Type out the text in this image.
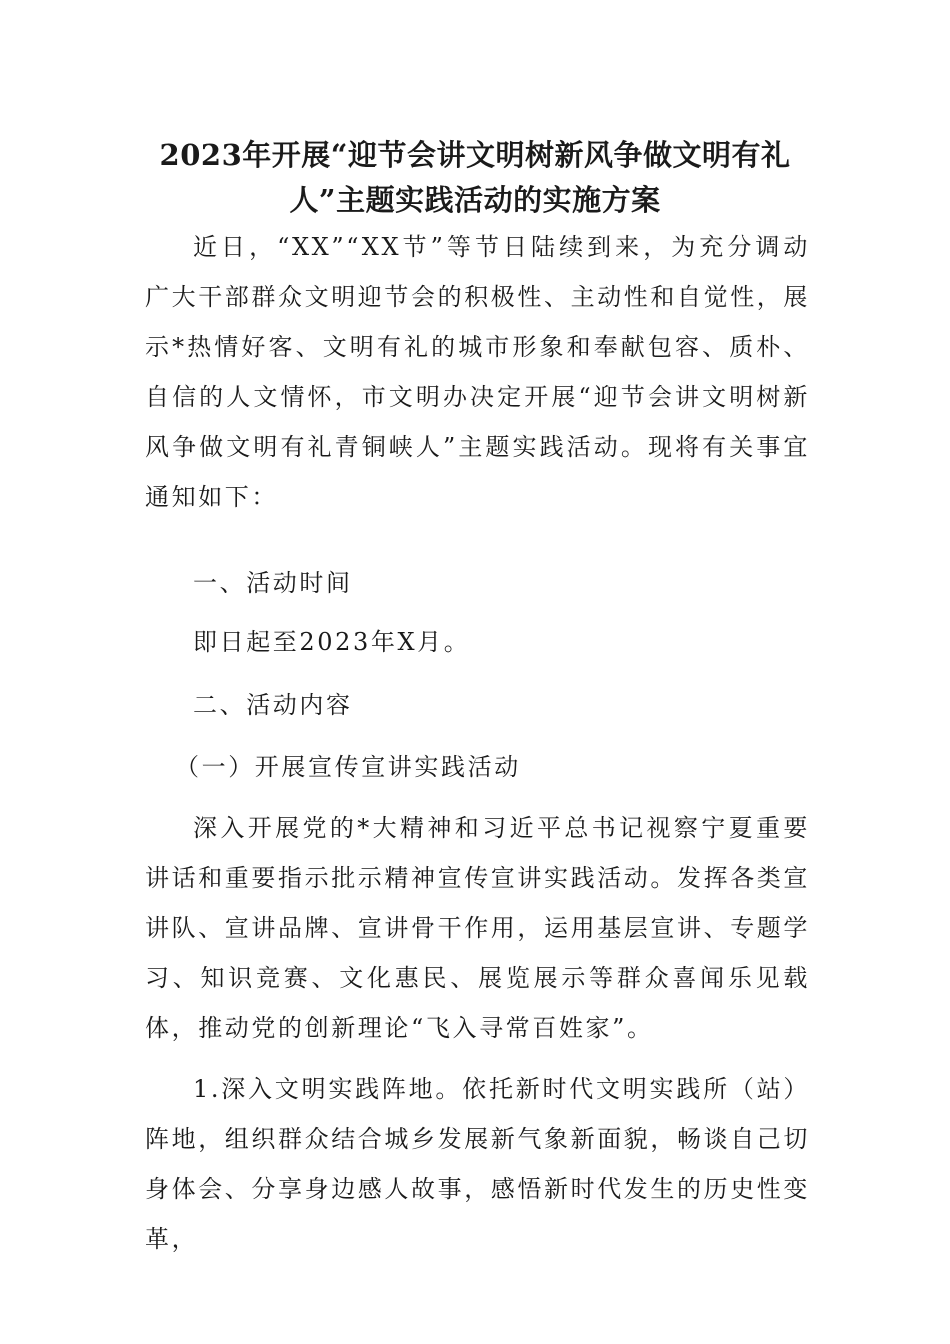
2023年开展“迎节会讲文明树新风争做文明有礼
人”主题实践活动的实施方案

近日，“XX”“XX节”等节日陆续到来，为充分调动广大干部群众文明迎节会的积极性、主动性和自觉性，展示*热情好客、文明有礼的城市形象和奉献包容、质朴、自信的人文情怀，市文明办决定开展“迎节会讲文明树新风争做文明有礼青铜峡人”主题实践活动。现将有关事宜通知如下：

一、活动时间

即日起至2023年X月。

二、活动内容

（一）开展宣传宣讲实践活动

深入开展党的*大精神和习近平总书记视察宁夏重要讲话和重要指示批示精神宣传宣讲实践活动。发挥各类宣讲队、宣讲品牌、宣讲骨干作用，运用基层宣讲、专题学习、知识竞赛、文化惠民、展览展示等群众喜闻乐见载体，推动党的创新理论“飞入寻常百姓家”。

1.深入文明实践阵地。依托新时代文明实践所（站）阵地，组织群众结合城乡发展新气象新面貌，畅谈自己切身体会、分享身边感人故事，感悟新时代发生的历史性变革，
